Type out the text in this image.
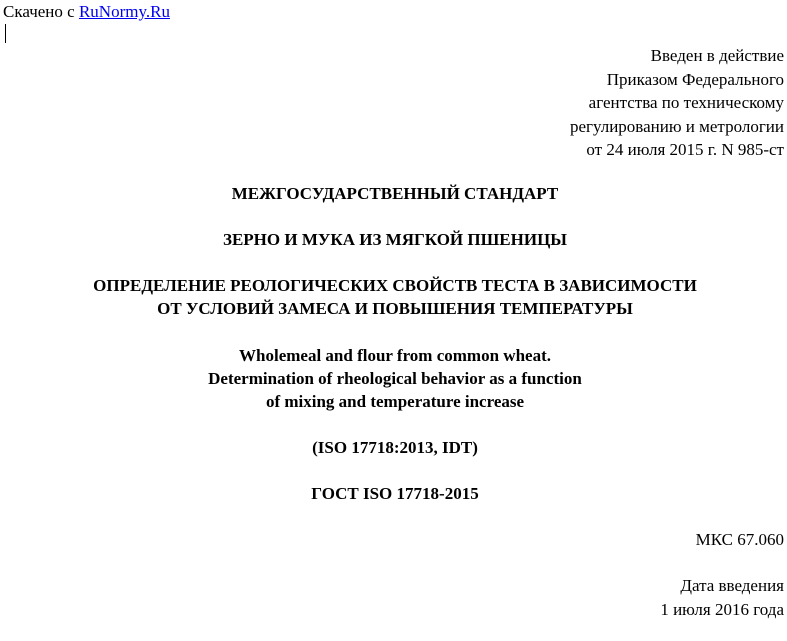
Скачено с RuNormy.Ru
Введен в действие
Приказом Федерального
агентства по техническому
регулированию и метрологии
от 24 июля 2015 г. N 985-ст
МЕЖГОСУДАРСТВЕННЫЙ СТАНДАРТ
ЗЕРНО И МУКА ИЗ МЯГКОЙ ПШЕНИЦЫ
ОПРЕДЕЛЕНИЕ РЕОЛОГИЧЕСКИХ СВОЙСТВ ТЕСТА В ЗАВИСИМОСТИ
ОТ УСЛОВИЙ ЗАМЕСА И ПОВЫШЕНИЯ ТЕМПЕРАТУРЫ
Wholemeal and flour from common wheat.
Determination of rheological behavior as a function
of mixing and temperature increase
(ISO 17718:2013, IDT)
ГОСТ ISO 17718-2015
МКС 67.060
Дата введения
1 июля 2016 года
